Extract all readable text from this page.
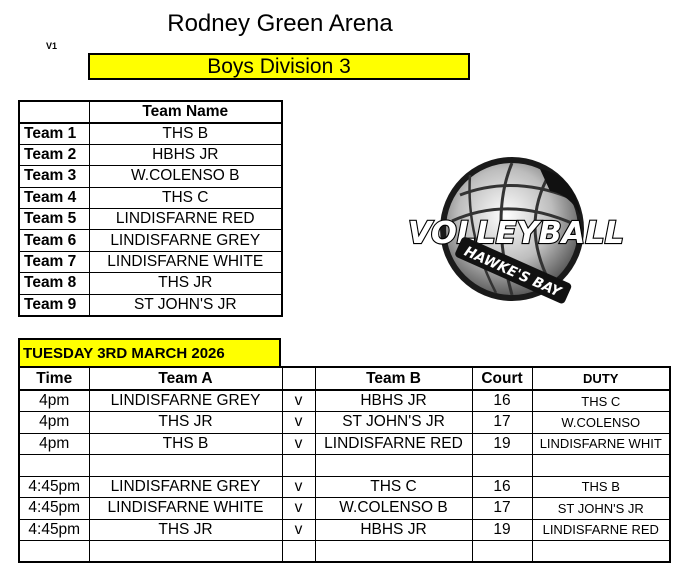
Rodney Green Arena
V1
Boys Division 3
	Team Name
Team 1	THS B
Team 2	HBHS JR
Team 3	W.COLENSO B
Team 4	THS C
Team 5	LINDISFARNE RED
Team 6	LINDISFARNE GREY
Team 7	LINDISFARNE WHITE
Team 8	THS JR
Team 9	ST JOHN'S JR
VOLLEYBALL
HAWKE'S BAY
TUESDAY 3RD MARCH 2026
Time	Team A		Team B	Court	DUTY
4pm	LINDISFARNE GREY	v	HBHS JR	16	THS C
4pm	THS JR	v	ST JOHN'S JR	17	W.COLENSO
4pm	THS B	v	LINDISFARNE RED	19	LINDISFARNE WHIT

4:45pm	LINDISFARNE GREY	v	THS C	16	THS B
4:45pm	LINDISFARNE WHITE	v	W.COLENSO B	17	ST JOHN'S JR
4:45pm	THS JR	v	HBHS JR	19	LINDISFARNE RED
